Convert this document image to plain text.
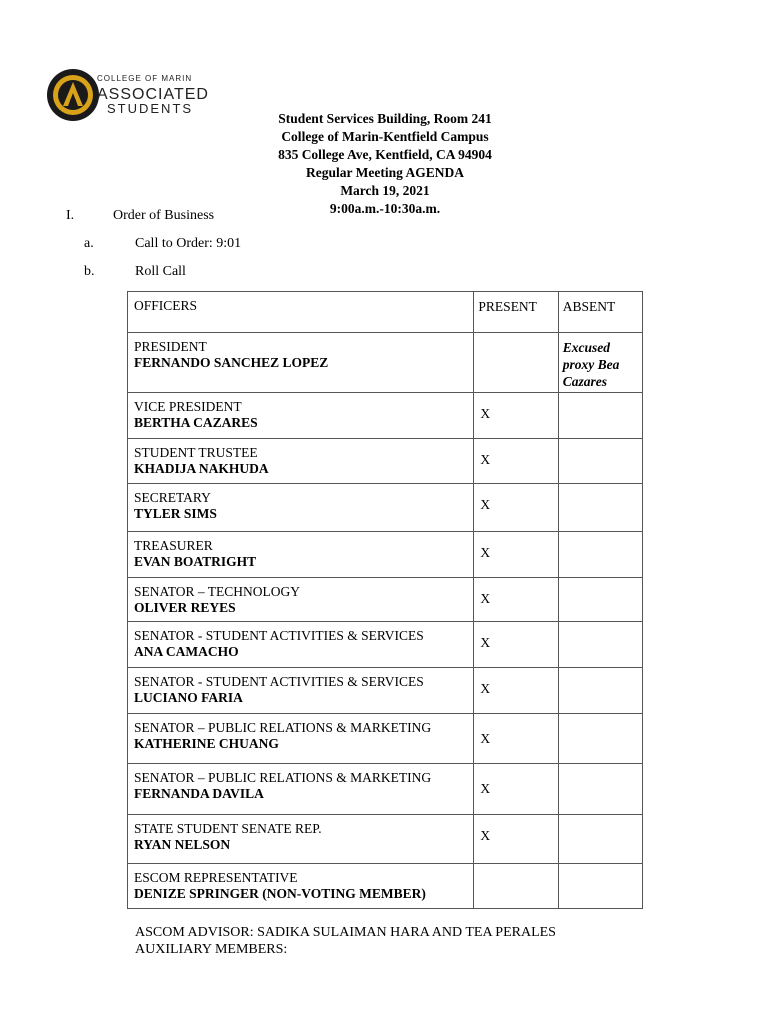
COLLEGE OF MARIN
ASSOCIATED
STUDENTS
Student Services Building, Room 241
College of Marin-Kentfield Campus
835 College Ave, Kentfield, CA 94904
Regular Meeting AGENDA
March 19, 2021
9:00a.m.-10:30a.m.
I.	Order of Business
a.	Call to Order: 9:01
b.	Roll Call
OFFICERS	PRESENT	ABSENT

PRESIDENT
FERNANDO SANCHEZ LOPEZ		Excused
proxy Bea
Cazares

VICE PRESIDENT
BERTHA CAZARES	X	

STUDENT TRUSTEE
KHADIJA NAKHUDA	X	

SECRETARY
TYLER SIMS	X	

TREASURER
EVAN BOATRIGHT	X	

SENATOR – TECHNOLOGY
OLIVER REYES	X	

SENATOR - STUDENT ACTIVITIES & SERVICES
ANA CAMACHO	X	

SENATOR - STUDENT ACTIVITIES & SERVICES
LUCIANO FARIA	X	

SENATOR – PUBLIC RELATIONS & MARKETING
KATHERINE CHUANG	X	

SENATOR – PUBLIC RELATIONS & MARKETING
FERNANDA DAVILA	X	

STATE STUDENT SENATE REP.
RYAN NELSON	X	

ESCOM REPRESENTATIVE
DENIZE SPRINGER (NON-VOTING MEMBER)		

ASCOM ADVISOR: SADIKA SULAIMAN HARA AND TEA PERALES
AUXILIARY MEMBERS:
